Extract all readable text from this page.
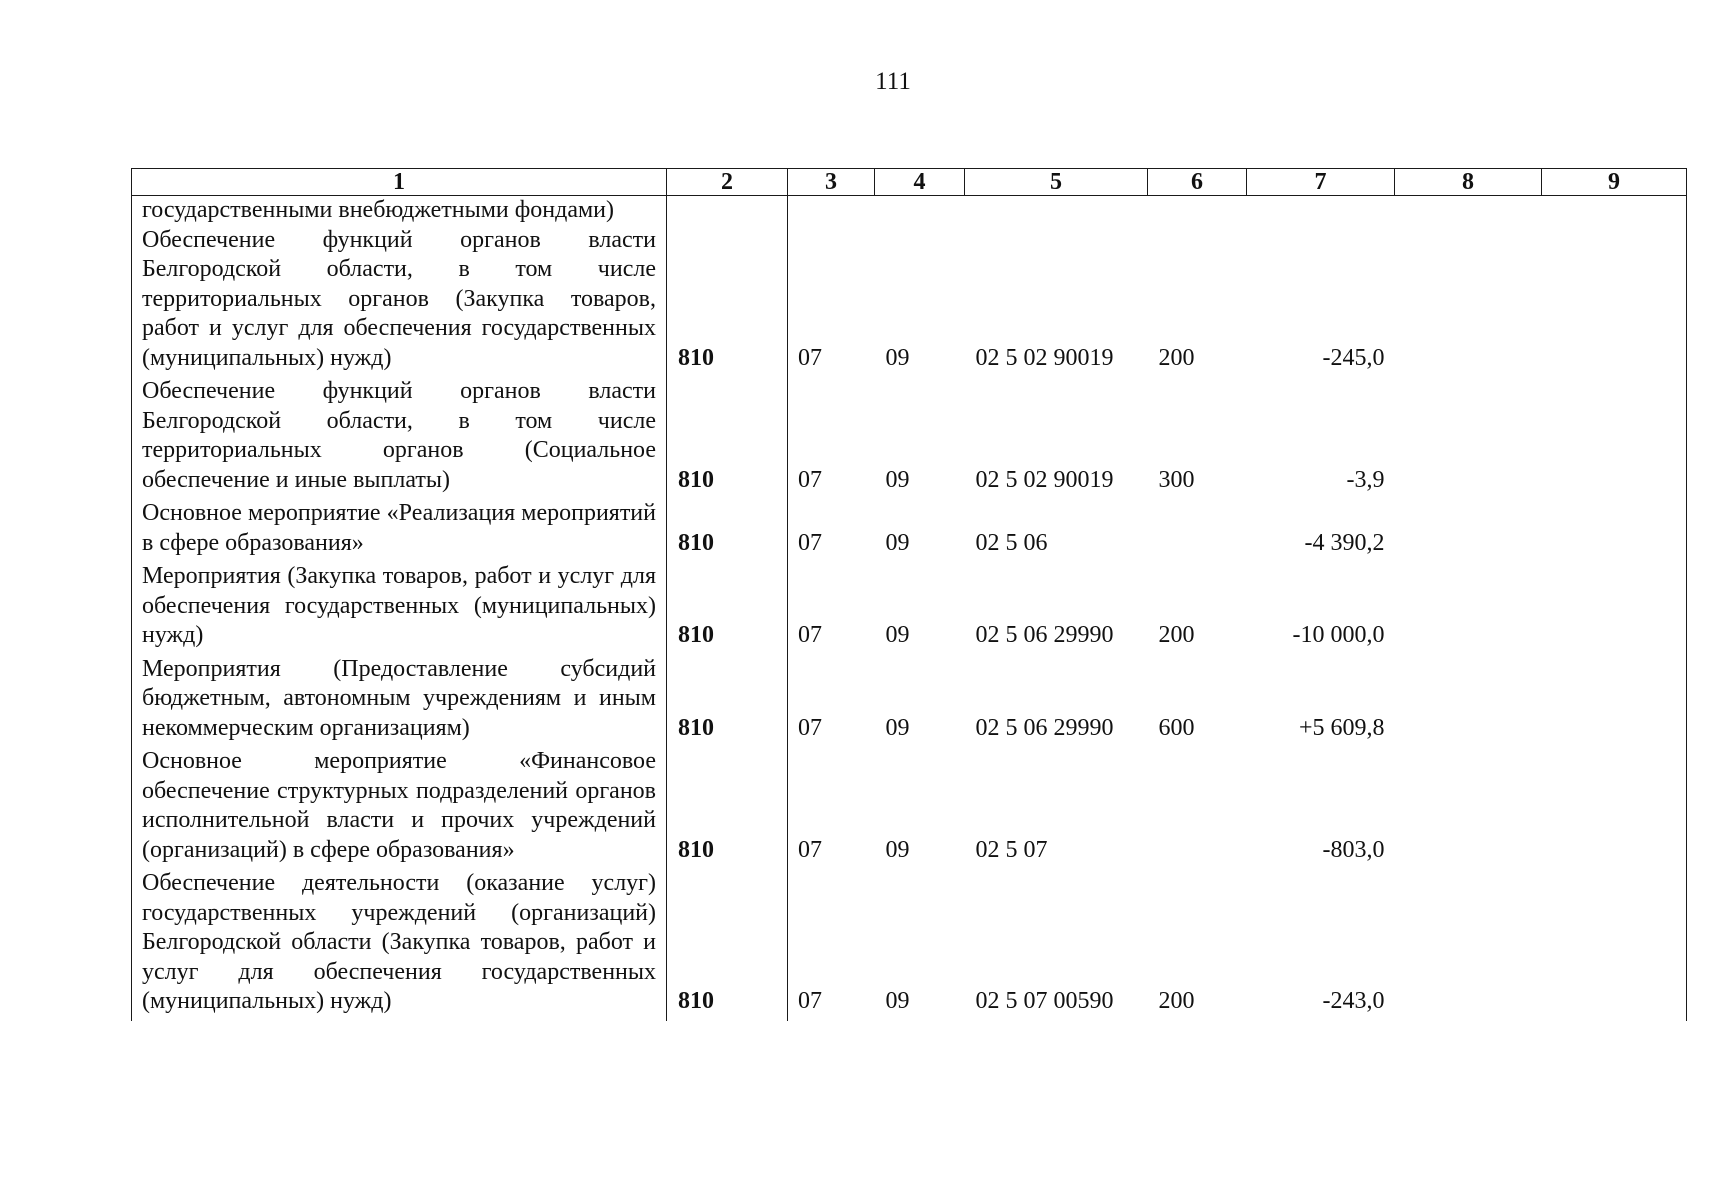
111
1	2	3	4	5	6	7	8	9
государственными внебюджетными фондами)								
Обеспечение функций органов власти Белгородской области, в том числе территориальных органов (Закупка товаров, работ и услуг для обеспечения государственных (муниципальных) нужд)	810	07	09	02 5 02 90019	200	-245,0		
Обеспечение функций органов власти Белгородской области, в том числе территориальных органов (Социальное обеспечение и иные выплаты)	810	07	09	02 5 02 90019	300	-3,9		
Основное мероприятие «Реализация мероприятий в сфере образования»	810	07	09	02 5 06		-4 390,2		
Мероприятия (Закупка товаров, работ и услуг для обеспечения государственных (муниципальных) нужд)	810	07	09	02 5 06 29990	200	-10 000,0		
Мероприятия (Предоставление субсидий бюджетным, автономным учреждениям и иным некоммерческим организациям)	810	07	09	02 5 06 29990	600	+5 609,8		
Основное мероприятие «Финансовое обеспечение структурных подразделений органов исполнительной власти и прочих учреждений (организаций) в сфере образования»	810	07	09	02 5 07		-803,0		
Обеспечение деятельности (оказание услуг) государственных учреждений (организаций) Белгородской области (Закупка товаров, работ и услуг для обеспечения государственных (муниципальных) нужд)	810	07	09	02 5 07 00590	200	-243,0		
